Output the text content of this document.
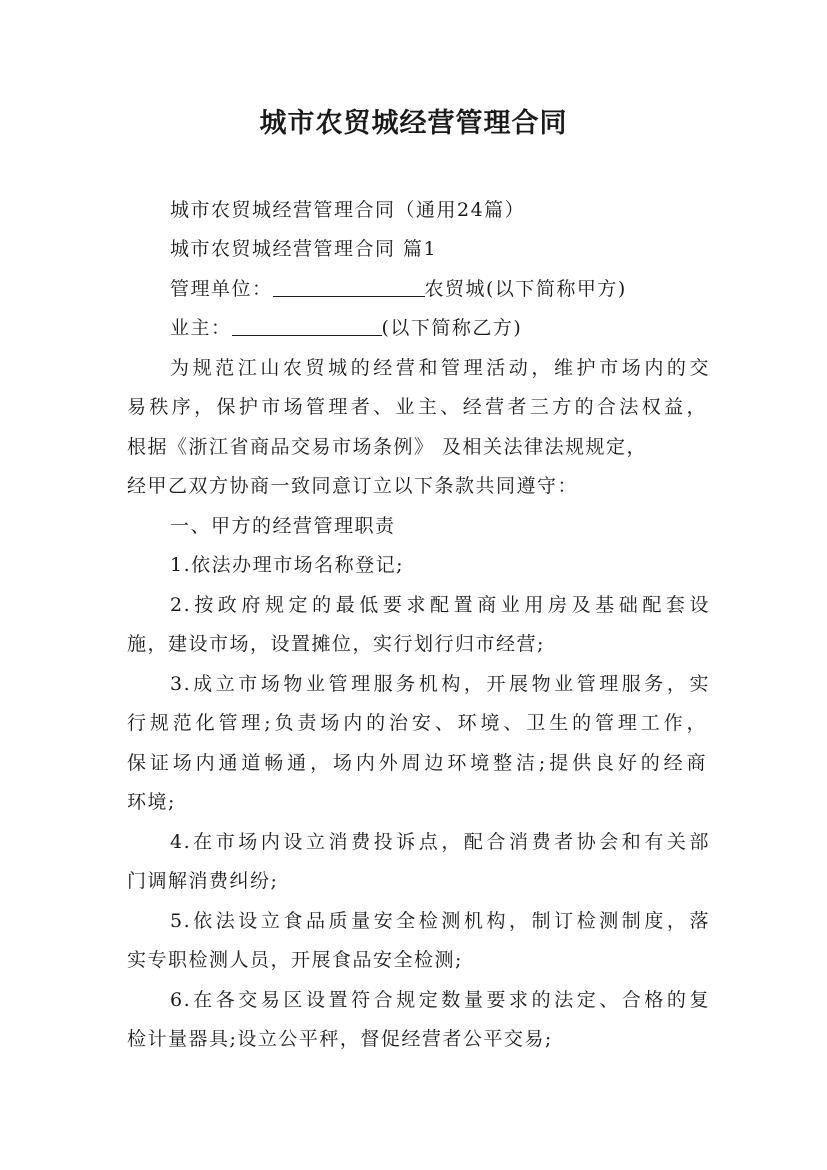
城市农贸城经营管理合同
城市农贸城经营管理合同（通用24篇）
城市农贸城经营管理合同 篇1
管理单位：	农贸城(以下简称甲方)
业主：	(以下简称乙方)
为规范江山农贸城的经营和管理活动，维护市场内的交
易秩序，保护市场管理者、业主、经营者三方的合法权益，
根据《浙江省商品交易市场条例》 及相关法律法规规定，
经甲乙双方协商一致同意订立以下条款共同遵守：
一、甲方的经营管理职责
1.依法办理市场名称登记;
2.按政府规定的最低要求配置商业用房及基础配套设
施，建设市场，设置摊位，实行划行归市经营;
3.成立市场物业管理服务机构，开展物业管理服务，实
行规范化管理;负责场内的治安、环境、卫生的管理工作，
保证场内通道畅通，场内外周边环境整洁;提供良好的经商
环境;
4.在市场内设立消费投诉点，配合消费者协会和有关部
门调解消费纠纷;
5.依法设立食品质量安全检测机构，制订检测制度，落
实专职检测人员，开展食品安全检测;
6.在各交易区设置符合规定数量要求的法定、合格的复
检计量器具;设立公平秤，督促经营者公平交易;
